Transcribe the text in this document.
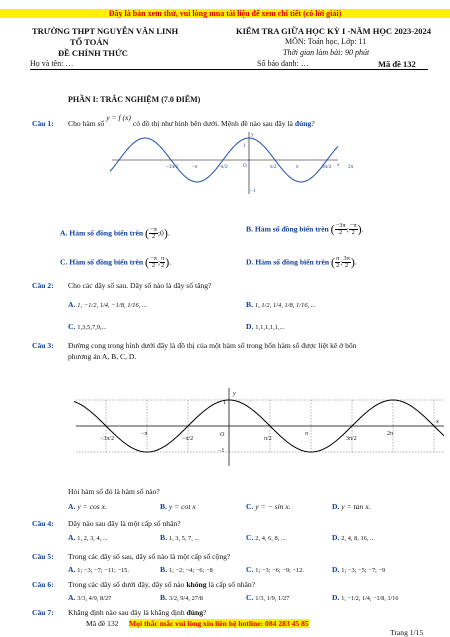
Đây là bản xem thử, vui lòng mua tài liệu để xem chi tiết (có lời giải)
TRƯỜNG THPT NGUYỄN VĂN LINH
TỔ TOÁN
ĐỀ CHÍNH THỨC
KIỂM TRA GIỮA HỌC KỲ I -NĂM HỌC 2023-2024
MÔN: Toán học, Lớp: 11
Thời gian làm bài: 90 phút
Họ và tên: …	Số báo danh: …	Mã đề 132
PHẦN I: TRẮC NGHIỆM (7.0 ĐIỂM)
Câu 1: Cho hàm số y = f (x) có đồ thị như hình bên dưới. Mệnh đề nào sau đây là đúng?
y
x
1
−1
−3π/2	−π	−π/2	O	π/2	π	3π/2	2π
A. Hàm số đồng biến trên ( $\frac{-\pi}{2}$ ;0).	B. Hàm số đồng biến trên ( $\frac{-3\pi}{2}$ ; $\frac{-\pi}{2}$ ).
C. Hàm số đồng biến trên ( $\frac{-\pi}{2}$ ; $\frac{\pi}{2}$ ).	D. Hàm số đồng biến trên ( $\frac{\pi}{2}$ ; $\frac{3\pi}{2}$ ).
Câu 2: Cho các dãy số sau. Dãy số nào là dãy số tăng?
A. 1, −1/2, 1/4, −1/8, 1/16, ...	B. 1, 1/2, 1/4, 1/8, 1/16, ...
C. 1,3,5,7,9,...	D. 1,1,1,1,1,...
Câu 3: Đường cong trong hình dưới đây là đồ thị của một hàm số trong bốn hàm số được liệt kê ở bốn
phương án A, B, C, D.
y
x
1
−1
−3π/2
−π
−π/2
O
π/2
π
3π/2
2π
Hỏi hàm số đó là hàm số nào?
A. y = cos x.	B. y = cot x	C. y = − sin x.	D. y = tan x.
Câu 4: Dãy nào sau đây là một cấp số nhân?
A. 1, 2, 3, 4, ...	B. 1, 3, 5, 7, ...	C. 2, 4, 6, 8, ...	D. 2, 4, 8, 16, ...
Câu 5: Trong các dãy số sau, dãy số nào là một cấp số cộng?
A. 1; −3; −7; −11; −15.	B. 1; −2; −4; −6; −8	C. 1; −3; −6; −9; −12.	D. 1; −3; −5; −7; −9
Câu 6: Trong các dãy số dưới đây, dãy số nào không là cấp số nhân?
A. 3/3, 4/9, 8/27	B. 3/2, 9/4, 27/8	C. 1/3, 1/9, 1/27	D. 1, −1/2, 1/4, −1/8, 1/16
Câu 7: Khẳng định nào sau đây là khẳng định đúng?
Mã đề 132 Mọi thắc mắc vui lòng xin liên hệ hotline: 084 283 45 85
Trang 1/15
